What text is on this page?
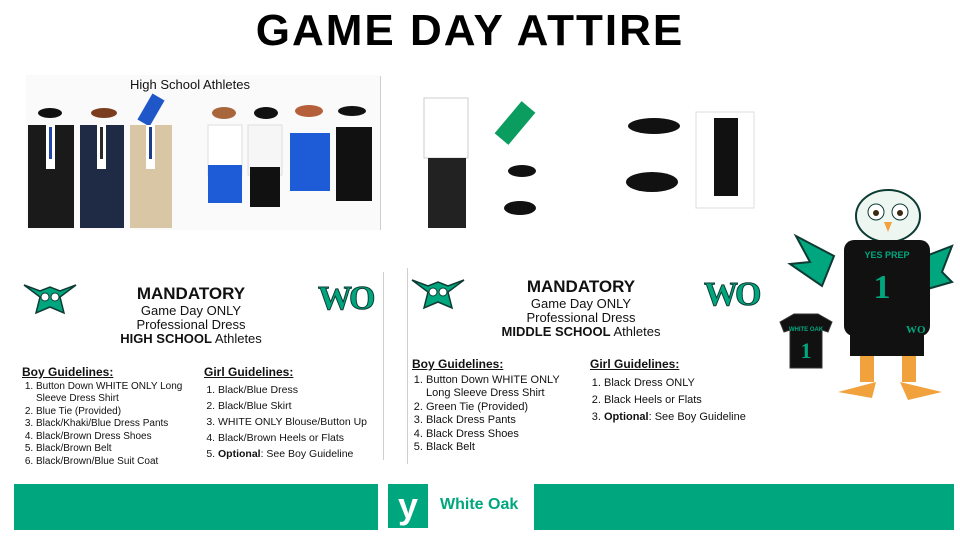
GAME DAY ATTIRE
High School Athletes
WO
MANDATORY
Game Day ONLY
Professional Dress
HIGH SCHOOL Athletes
Boy Guidelines:
1. Button Down WHITE ONLY Long Sleeve Dress Shirt
2. Blue Tie (Provided)
3. Black/Khaki/Blue Dress Pants
4. Black/Brown Dress Shoes
5. Black/Brown Belt
6. Black/Brown/Blue Suit Coat
Girl Guidelines:
1. Black/Blue Dress
2. Black/Blue Skirt
3. WHITE ONLY Blouse/Button Up
4. Black/Brown Heels or Flats
5. Optional: See Boy Guideline
WO
MANDATORY
Game Day ONLY
Professional Dress
MIDDLE SCHOOL Athletes
Boy Guidelines:
1. Button Down WHITE ONLY Long Sleeve Dress Shirt
2. Green Tie (Provided)
3. Black Dress Pants
4. Black Dress Shoes
5. Black Belt
Girl Guidelines:
1. Black Dress ONLY
2. Black Heels or Flats
3. Optional: See Boy Guideline
YES PREP
1
WO
WHITE OAK
1
y	White Oak
